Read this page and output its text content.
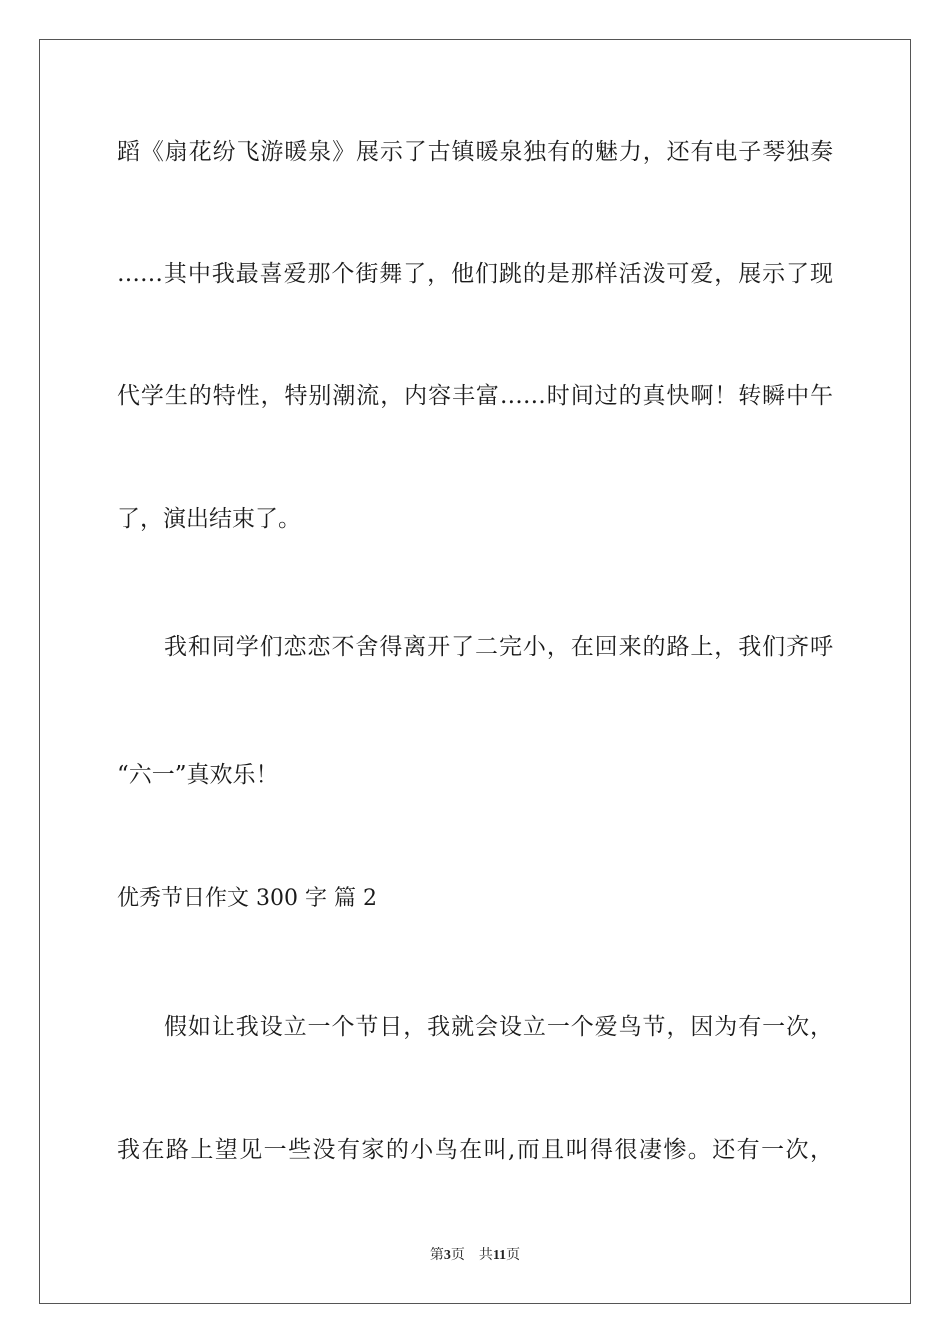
蹈《扇花纷飞游暖泉》展示了古镇暖泉独有的魅力，还有电子琴独奏
……其中我最喜爱那个街舞了，他们跳的是那样活泼可爱，展示了现
代学生的特性，特别潮流，内容丰富……时间过的真快啊！转瞬中午
了，演出结束了。
我和同学们恋恋不舍得离开了二完小，在回来的路上，我们齐呼
“六一”真欢乐！
优秀节日作文 300 字 篇 2
假如让我设立一个节日，我就会设立一个爱鸟节，因为有一次，
我在路上望见一些没有家的小鸟在叫,而且叫得很凄惨。还有一次，
第3页 共11页
